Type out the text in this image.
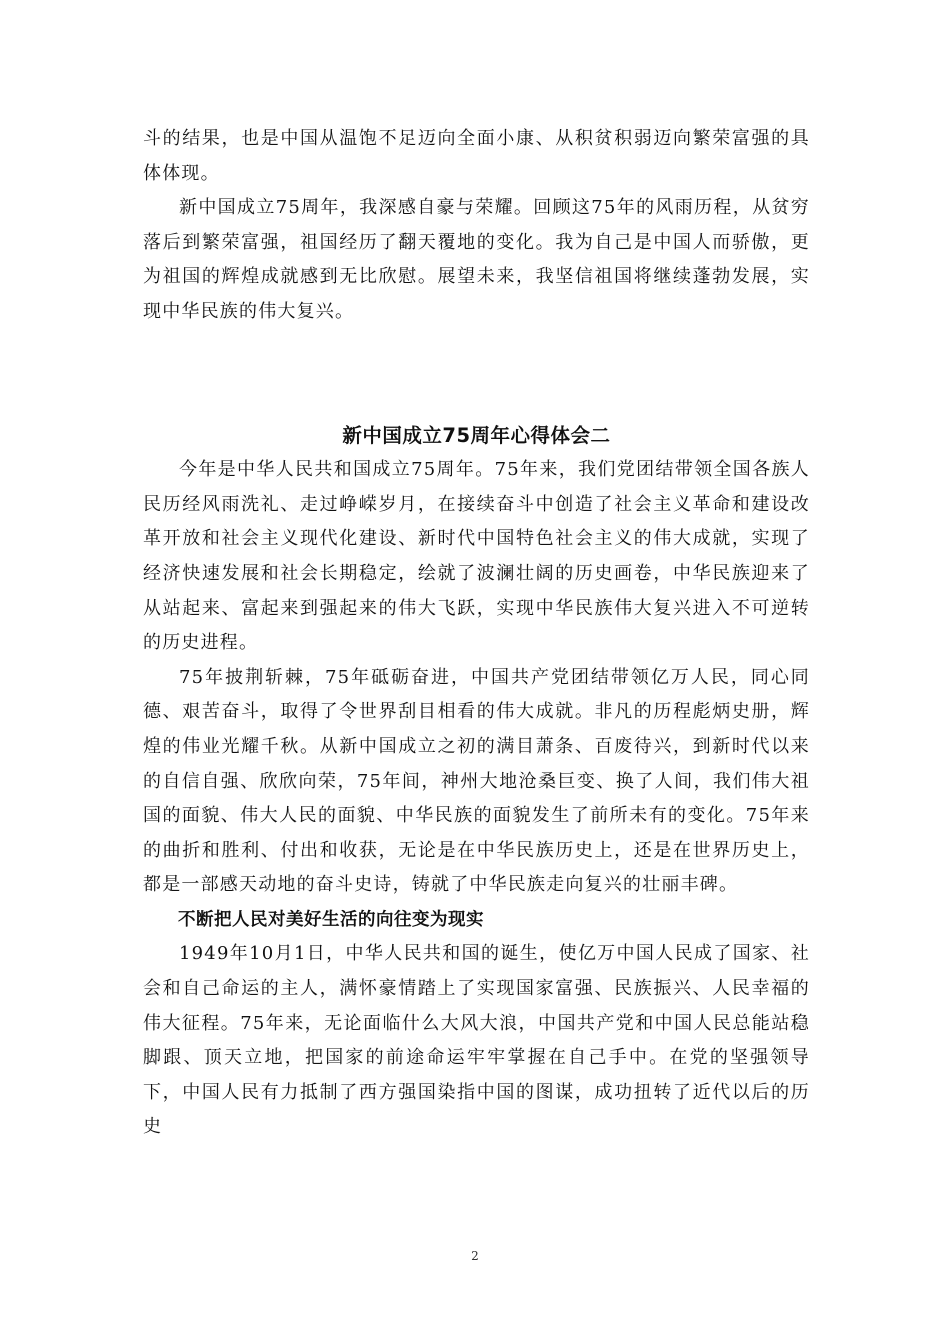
斗的结果，也是中国从温饱不足迈向全面小康、从积贫积弱迈向繁荣富强的具体体现。

新中国成立75周年，我深感自豪与荣耀。回顾这75年的风雨历程，从贫穷落后到繁荣富强，祖国经历了翻天覆地的变化。我为自己是中国人而骄傲，更为祖国的辉煌成就感到无比欣慰。展望未来，我坚信祖国将继续蓬勃发展，实现中华民族的伟大复兴。

新中国成立75周年心得体会二

今年是中华人民共和国成立75周年。75年来，我们党团结带领全国各族人民历经风雨洗礼、走过峥嵘岁月，在接续奋斗中创造了社会主义革命和建设改革开放和社会主义现代化建设、新时代中国特色社会主义的伟大成就，实现了经济快速发展和社会长期稳定，绘就了波澜壮阔的历史画卷，中华民族迎来了从站起来、富起来到强起来的伟大飞跃，实现中华民族伟大复兴进入不可逆转的历史进程。

75年披荆斩棘，75年砥砺奋进，中国共产党团结带领亿万人民，同心同德、艰苦奋斗，取得了令世界刮目相看的伟大成就。非凡的历程彪炳史册，辉煌的伟业光耀千秋。从新中国成立之初的满目萧条、百废待兴，到新时代以来的自信自强、欣欣向荣，75年间，神州大地沧桑巨变、换了人间，我们伟大祖国的面貌、伟大人民的面貌、中华民族的面貌发生了前所未有的变化。75年来的曲折和胜利、付出和收获，无论是在中华民族历史上，还是在世界历史上，都是一部感天动地的奋斗史诗，铸就了中华民族走向复兴的壮丽丰碑。

不断把人民对美好生活的向往变为现实

1949年10月1日，中华人民共和国的诞生，使亿万中国人民成了国家、社会和自己命运的主人，满怀豪情踏上了实现国家富强、民族振兴、人民幸福的伟大征程。75年来，无论面临什么大风大浪，中国共产党和中国人民总能站稳脚跟、顶天立地，把国家的前途命运牢牢掌握在自己手中。在党的坚强领导下，中国人民有力抵制了西方强国染指中国的图谋，成功扭转了近代以后的历史

2
